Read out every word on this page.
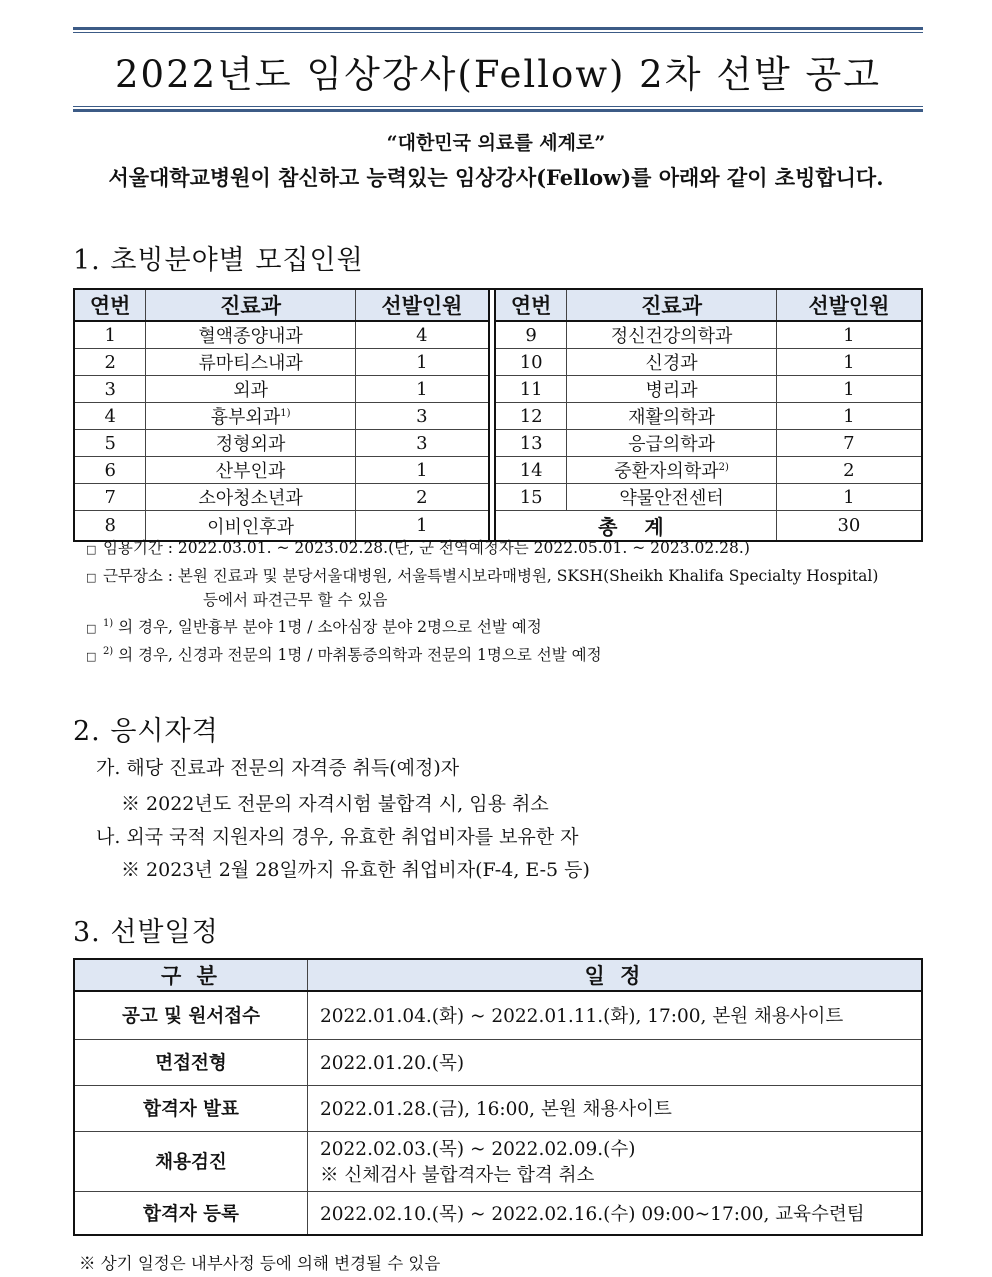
2022년도 임상강사(Fellow) 2차 선발 공고
“대한민국 의료를 세계로”
서울대학교병원이 참신하고 능력있는 임상강사(Fellow)를 아래와 같이 초빙합니다.
1. 초빙분야별 모집인원
연번	진료과	선발인원		연번	진료과	선발인원
1	혈액종양내과	4		9	정신건강의학과	1
2	류마티스내과	1		10	신경과	1
3	외과	1		11	병리과	1
4	흉부외과$^{1)}$	3		12	재활의학과	1
5	정형외과	3		13	응급의학과	7
6	산부인과	1		14	중환자의학과$^{2)}$	2
7	소아청소년과	2		15	약물안전센터	1
8	이비인후과	1		총 계		30
□ 임용기간 : 2022.03.01. ~ 2023.02.28.(단, 군 전역예정자는 2022.05.01. ~ 2023.02.28.)
□ 근무장소 : 본원 진료과 및 분당서울대병원, 서울특별시보라매병원, SKSH(Sheikh Khalifa Specialty Hospital)
등에서 파견근무 할 수 있음
□ $^{1)}$ 의 경우, 일반흉부 분야 1명 / 소아심장 분야 2명으로 선발 예정
□ $^{2)}$ 의 경우, 신경과 전문의 1명 / 마취통증의학과 전문의 1명으로 선발 예정
2. 응시자격
가. 해당 진료과 전문의 자격증 취득(예정)자
※ 2022년도 전문의 자격시험 불합격 시, 임용 취소
나. 외국 국적 지원자의 경우, 유효한 취업비자를 보유한 자
※ 2023년 2월 28일까지 유효한 취업비자(F-4, E-5 등)
3. 선발일정
구 분	일 정
공고 및 원서접수	2022.01.04.(화) ~ 2022.01.11.(화), 17:00, 본원 채용사이트

면접전형	2022.01.20.(목)

합격자 발표	2022.01.28.(금), 16:00, 본원 채용사이트

채용검진	2022.02.03.(목) ~ 2022.02.09.(수)
※ 신체검사 불합격자는 합격 취소

합격자 등록	2022.02.10.(목) ~ 2022.02.16.(수) 09:00~17:00, 교육수련팀
※ 상기 일정은 내부사정 등에 의해 변경될 수 있음
